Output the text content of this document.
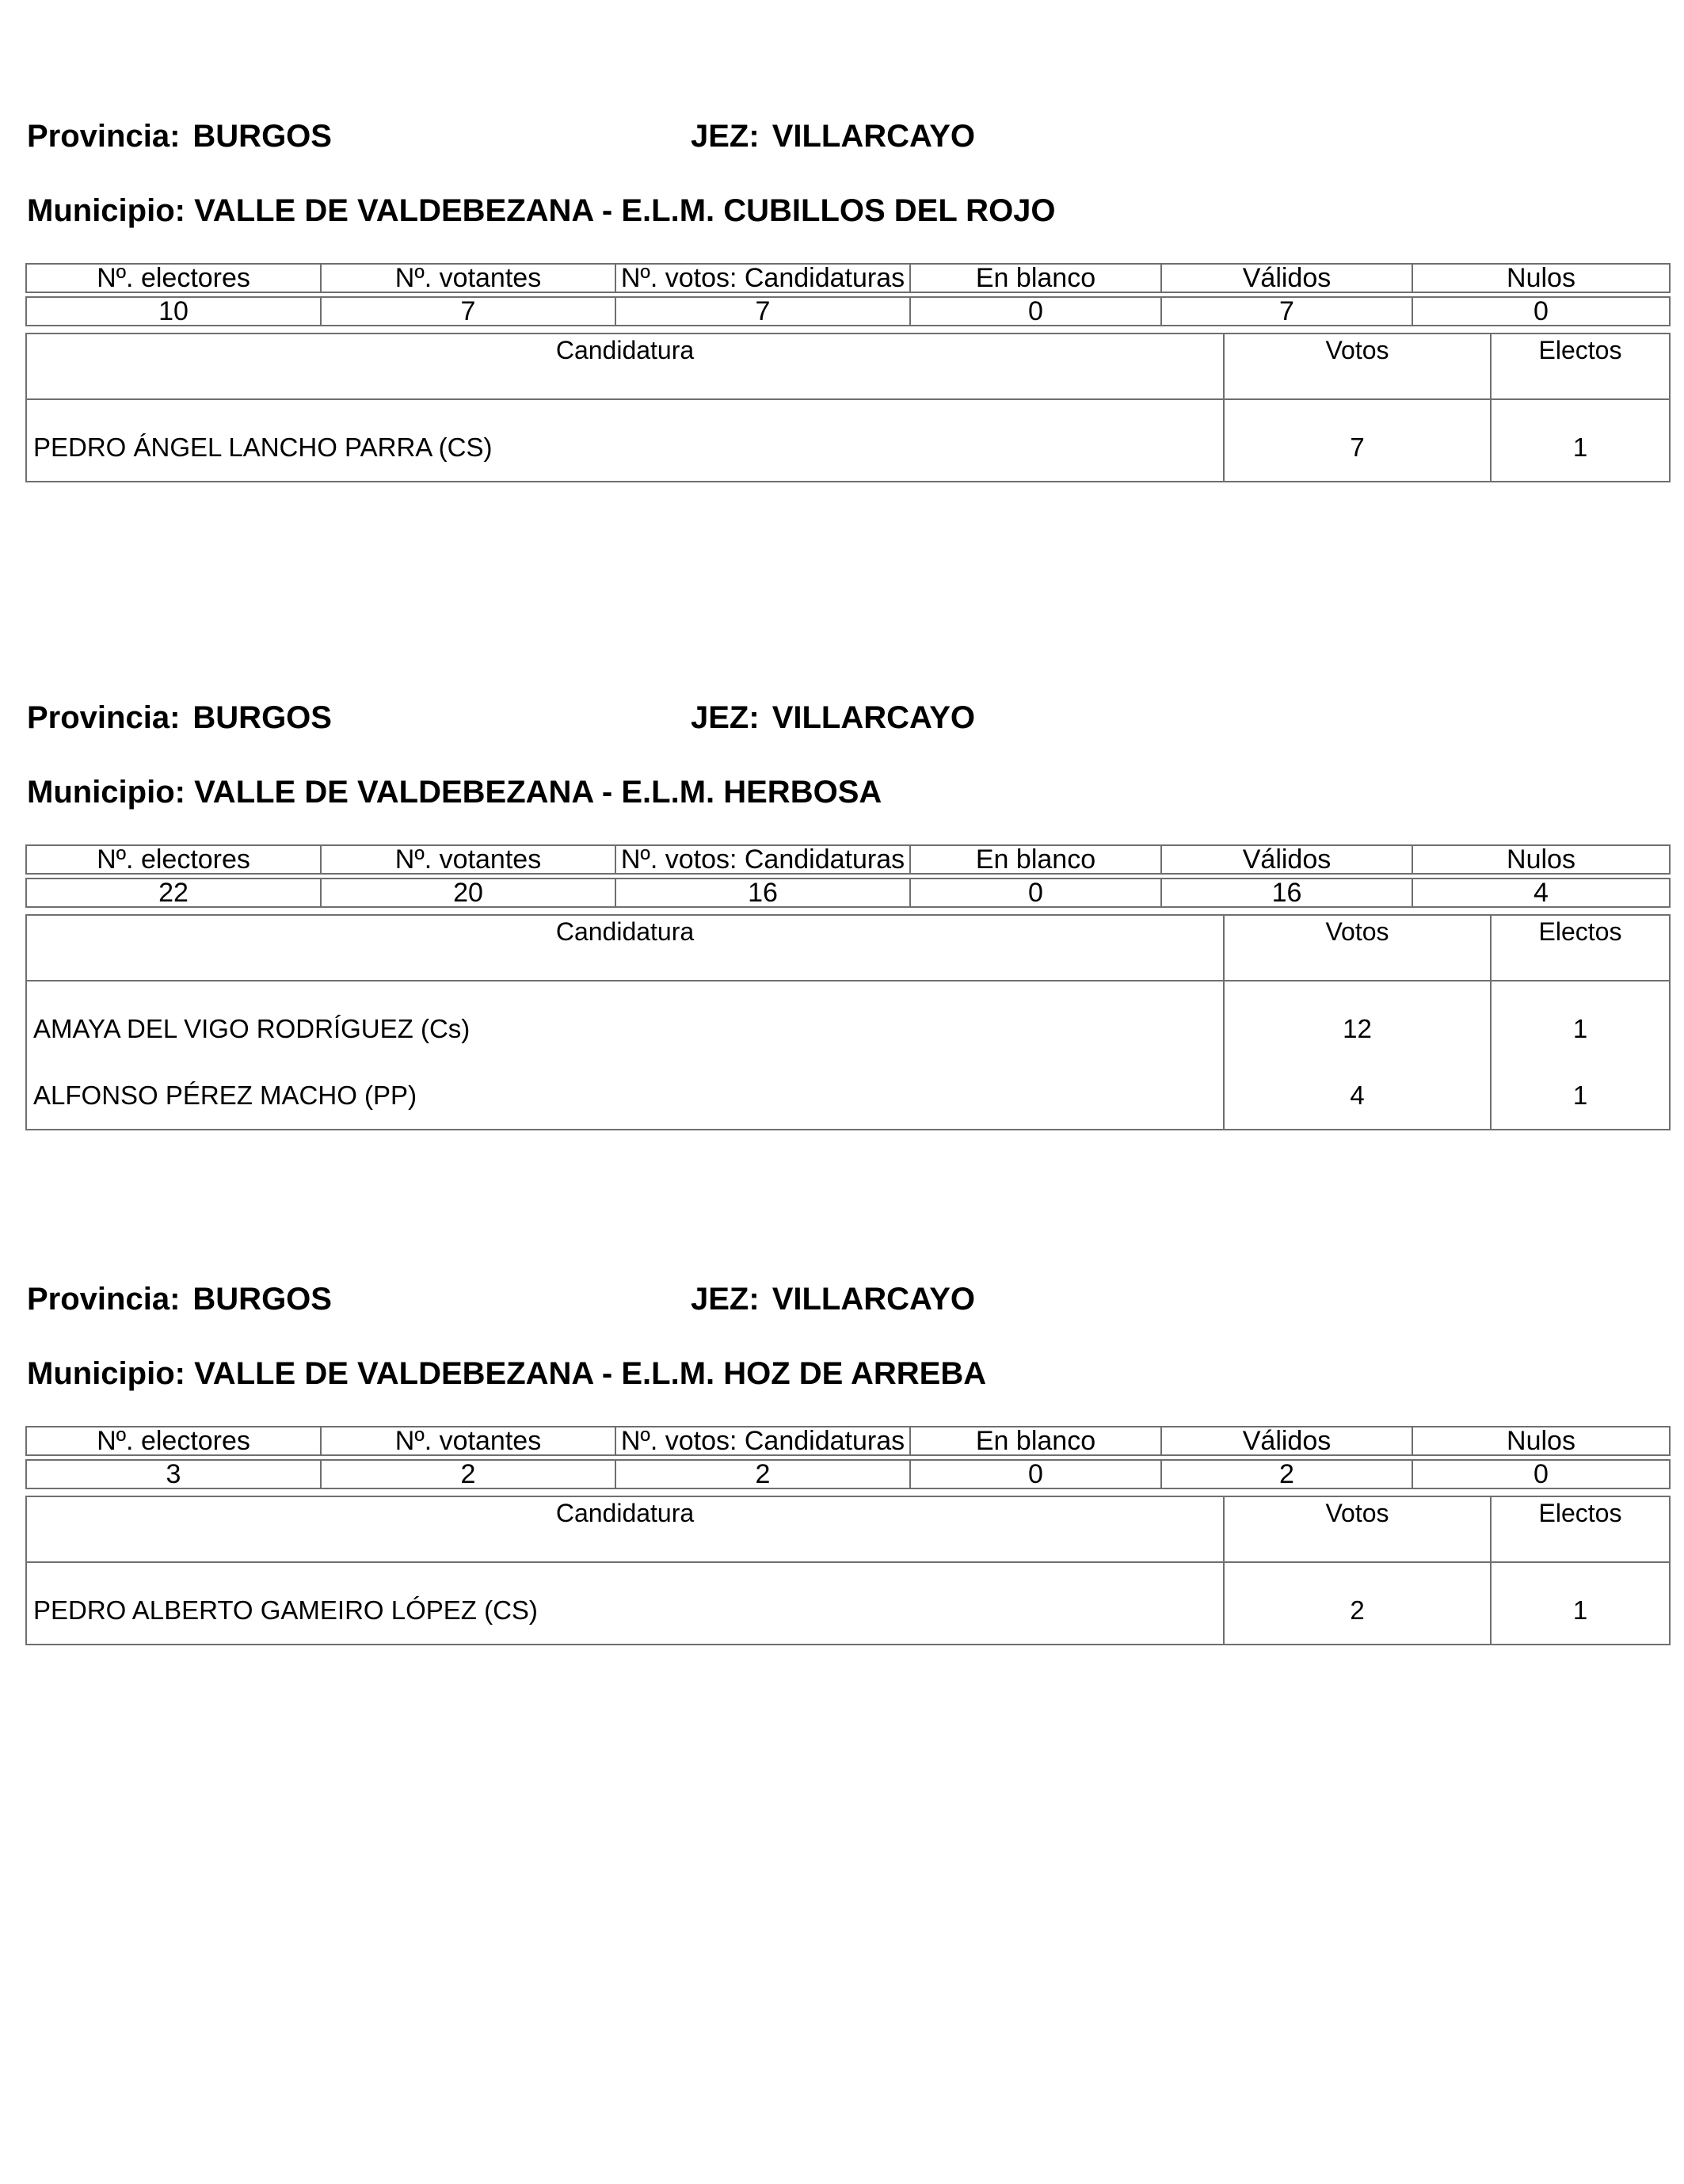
Provincia: BURGOS	JEZ: VILLARCAYO
Municipio: VALLE DE VALDEBEZANA - E.L.M. CUBILLOS DEL ROJO
Nº. electores	Nº. votantes	Nº. votos: Candidaturas	En blanco	Válidos	Nulos

10	7	7	0	7	0
Candidatura	Votos	Electos
PEDRO ÁNGEL LANCHO PARRA (CS)	7	1
Provincia: BURGOS	JEZ: VILLARCAYO
Municipio: VALLE DE VALDEBEZANA - E.L.M. HERBOSA
Nº. electores	Nº. votantes	Nº. votos: Candidaturas	En blanco	Válidos	Nulos

22	20	16	0	16	4
Candidatura	Votos	Electos
AMAYA DEL VIGO RODRÍGUEZ (Cs)	12	1
ALFONSO PÉREZ MACHO (PP)	4	1
Provincia: BURGOS	JEZ: VILLARCAYO
Municipio: VALLE DE VALDEBEZANA - E.L.M. HOZ DE ARREBA
Nº. electores	Nº. votantes	Nº. votos: Candidaturas	En blanco	Válidos	Nulos

3	2	2	0	2	0
Candidatura	Votos	Electos
PEDRO ALBERTO GAMEIRO LÓPEZ (CS)	2	1
